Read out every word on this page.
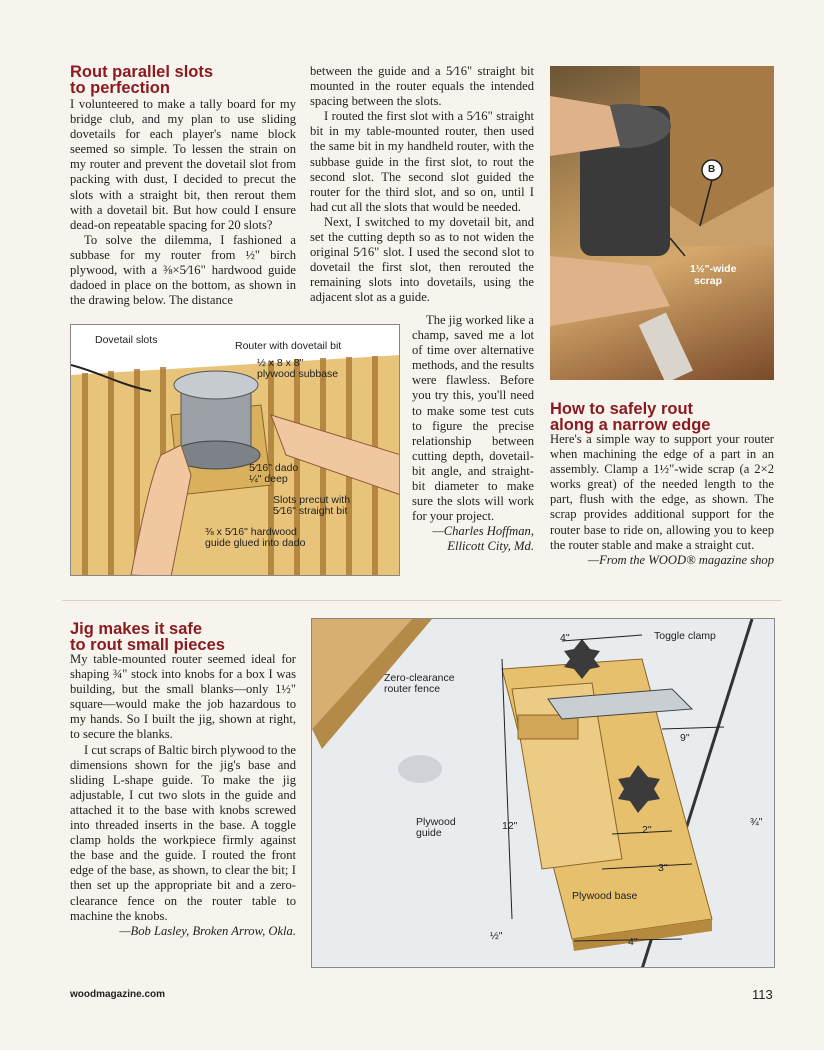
Rout parallel slots
to perfection

I volunteered to make a tally board for my bridge club, and my plan to use sliding dovetails for each player's name block seemed so simple. To lessen the strain on my router and prevent the dovetail slot from packing with dust, I decided to precut the slots with a straight bit, then rerout them with a dovetail bit. But how could I ensure dead-on repeatable spacing for 20 slots?

To solve the dilemma, I fashioned a subbase for my router from ½" birch plywood, with a ⅜×5⁄16" hardwood guide dadoed in place on the bottom, as shown in the drawing below. The distance

between the guide and a 5⁄16" straight bit mounted in the router equals the intended spacing between the slots.

I routed the first slot with a 5⁄16" straight bit in my table-mounted router, then used the same bit in my handheld router, with the subbase guide in the first slot, to rout the second slot. The second slot guided the router for the third slot, and so on, until I had cut all the slots that would be needed.

Next, I switched to my dovetail bit, and set the cutting depth so as to not widen the original 5⁄16" slot. I used the second slot to dovetail the first slot, then rerouted the remaining slots into dovetails, using the adjacent slot as a guide.

The jig worked like a champ, saved me a lot of time over alternative methods, and the results were flawless. Before you try this, you'll need to make some test cuts to figure the precise relationship between cutting depth, dovetail-bit angle, and straight-bit diameter to make sure the slots will work for your project.

—Charles Hoffman,

Ellicott City, Md.

Dovetail slots	Router with dovetail bit
½ x 8 x 8"
plywood subbase
5⁄16" dado
¼" deep
Slots precut with
5⁄16" straight bit
⅜ x 5⁄16" hardwood
guide glued into dado
B
1½"-wide
scrap
How to safely rout
along a narrow edge

Here's a simple way to support your router when machining the edge of a part in an assembly. Clamp a 1½"-wide scrap (a 2×2 works great) of the needed length to the part, flush with the edge, as shown. The scrap provides additional support for the router base to ride on, allowing you to keep the router stable and make a straight cut.

—From the WOOD® magazine shop

Jig makes it safe
to rout small pieces

My table-mounted router seemed ideal for shaping ¾" stock into knobs for a box I was building, but the small blanks—only 1½" square—would make the job hazardous to my hands. So I built the jig, shown at right, to secure the blanks.

I cut scraps of Baltic birch plywood to the dimensions shown for the jig's base and sliding L-shape guide. To make the jig adjustable, I cut two slots in the guide and attached it to the base with knobs screwed into threaded inserts in the base. A toggle clamp holds the workpiece firmly against the base and the guide. I routed the front edge of the base, as shown, to clear the bit; I then set up the appropriate bit and a zero-clearance fence on the router table to machine the knobs.

—Bob Lasley, Broken Arrow, Okla.

Zero-clearance
router fence
Toggle clamp
4"
9"
12"	2"
3"
¾"
Plywood
guide
Plywood base
½"	4"
woodmagazine.com	113
